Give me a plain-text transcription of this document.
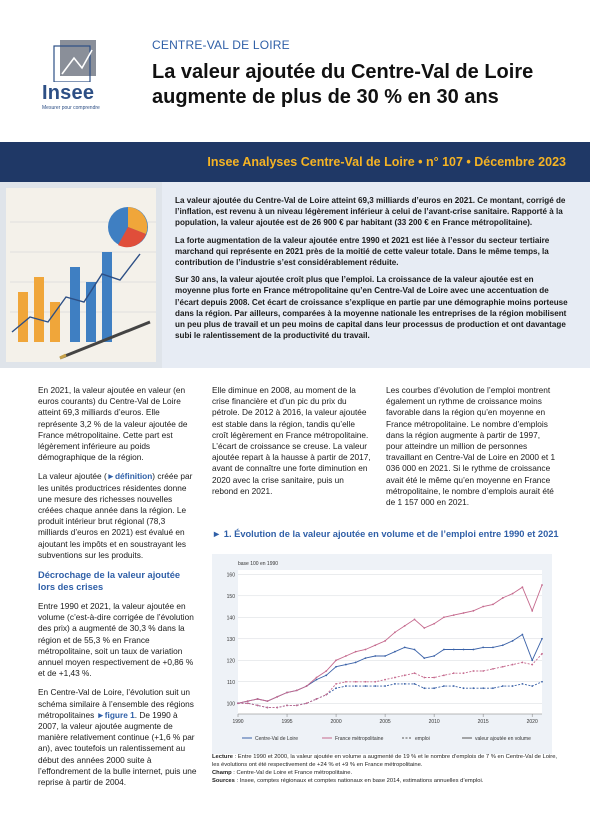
Insee
Mesurer pour comprendre
CENTRE-VAL DE LOIRE
La valeur ajoutée du Centre-Val de Loire augmente de plus de 30 % en 30 ans
Insee Analyses Centre-Val de Loire • n° 107 • Décembre 2023

La valeur ajoutée du Centre-Val de Loire atteint 69,3 milliards d’euros en 2021. Ce montant, corrigé de l’inflation, est revenu à un niveau légèrement inférieur à celui de l’avant-crise sanitaire. Rapporté à la population, la valeur ajoutée est de 26 900 € par habitant (33 200 € en France métropolitaine).

La forte augmentation de la valeur ajoutée entre 1990 et 2021 est liée à l’essor du secteur tertiaire marchand qui représente en 2021 près de la moitié de cette valeur totale. Dans le même temps, la contribution de l’industrie s’est considérablement réduite.

Sur 30 ans, la valeur ajoutée croît plus que l’emploi. La croissance de la valeur ajoutée est en moyenne plus forte en France métropolitaine qu’en Centre-Val de Loire avec une accentuation de l’écart depuis 2008. Cet écart de croissance s’explique en partie par une démographie moins porteuse dans la région. Par ailleurs, comparées à la moyenne nationale les entreprises de la région mobilisent un peu plus de travail et un peu moins de capital dans leur processus de production et ont davantage subi le ralentissement de la productivité du travail.

En 2021, la valeur ajoutée en valeur (en euros courants) du Centre-Val de Loire atteint 69,3 milliards d’euros. Elle représente 3,2 % de la valeur ajoutée de France métropolitaine. Cette part est légèrement inférieure au poids démographique de la région.

La valeur ajoutée (►définition) créée par les unités productrices résidentes donne une mesure des richesses nouvelles créées chaque année dans la région. Le produit intérieur brut régional (78,3 milliards d’euros en 2021) est évalué en ajoutant les impôts et en soustrayant les subventions sur les produits.

Décrochage de la valeur ajoutée lors des crises

Entre 1990 et 2021, la valeur ajoutée en volume (c’est-à-dire corrigée de l’évolution des prix) a augmenté de 30,3 % dans la région et de 55,3 % en France métropolitaine, soit un taux de variation annuel moyen respectivement de +0,86 % et de +1,43 %.

En Centre-Val de Loire, l’évolution suit un schéma similaire à l’ensemble des régions métropolitaines ►figure 1. De 1990 à 2007, la valeur ajoutée augmente de manière relativement continue (+1,6 % par an), avec toutefois un ralentissement au début des années 2000 suite à l’effondrement de la bulle internet, puis une reprise à partir de 2004.

Elle diminue en 2008, au moment de la crise financière et d’un pic du prix du pétrole. De 2012 à 2016, la valeur ajoutée est stable dans la région, tandis qu’elle croît légèrement en France métropolitaine. L’écart de croissance se creuse. La valeur ajoutée repart à la hausse à partir de 2017, avant de connaître une forte diminution en 2020 avec la crise sanitaire, puis un rebond en 2021.

Les courbes d’évolution de l’emploi montrent également un rythme de croissance moins favorable dans la région qu’en moyenne en France métropolitaine. Le nombre d’emplois dans la région augmente à partir de 1997, pour atteindre un million de personnes travaillant en Centre-Val de Loire en 2000 et 1 036 000 en 2021. Si le rythme de croissance avait été le même qu’en moyenne en France métropolitaine, le nombre d’emplois aurait été de 1 157 000 en 2021.

► 1. Évolution de la valeur ajoutée en volume et de l’emploi entre 1990 et 2021
base 100 en 1990
100
110
120
130
140
150
160
1990	1995	2000	2005	2010	2015	2020
Centre-Val de Loire	France métropolitaine	emploi	valeur ajoutée en volume
Lecture : Entre 1990 et 2000, la valeur ajoutée en volume a augmenté de 19 % et le nombre d’emplois de 7 % en Centre-Val de Loire, les évolutions ont été respectivement de +24 % et +9 % en France métropolitaine.
Champ : Centre-Val de Loire et France métropolitaine.
Sources : Insee, comptes régionaux et comptes nationaux en base 2014, estimations annuelles d’emploi.
